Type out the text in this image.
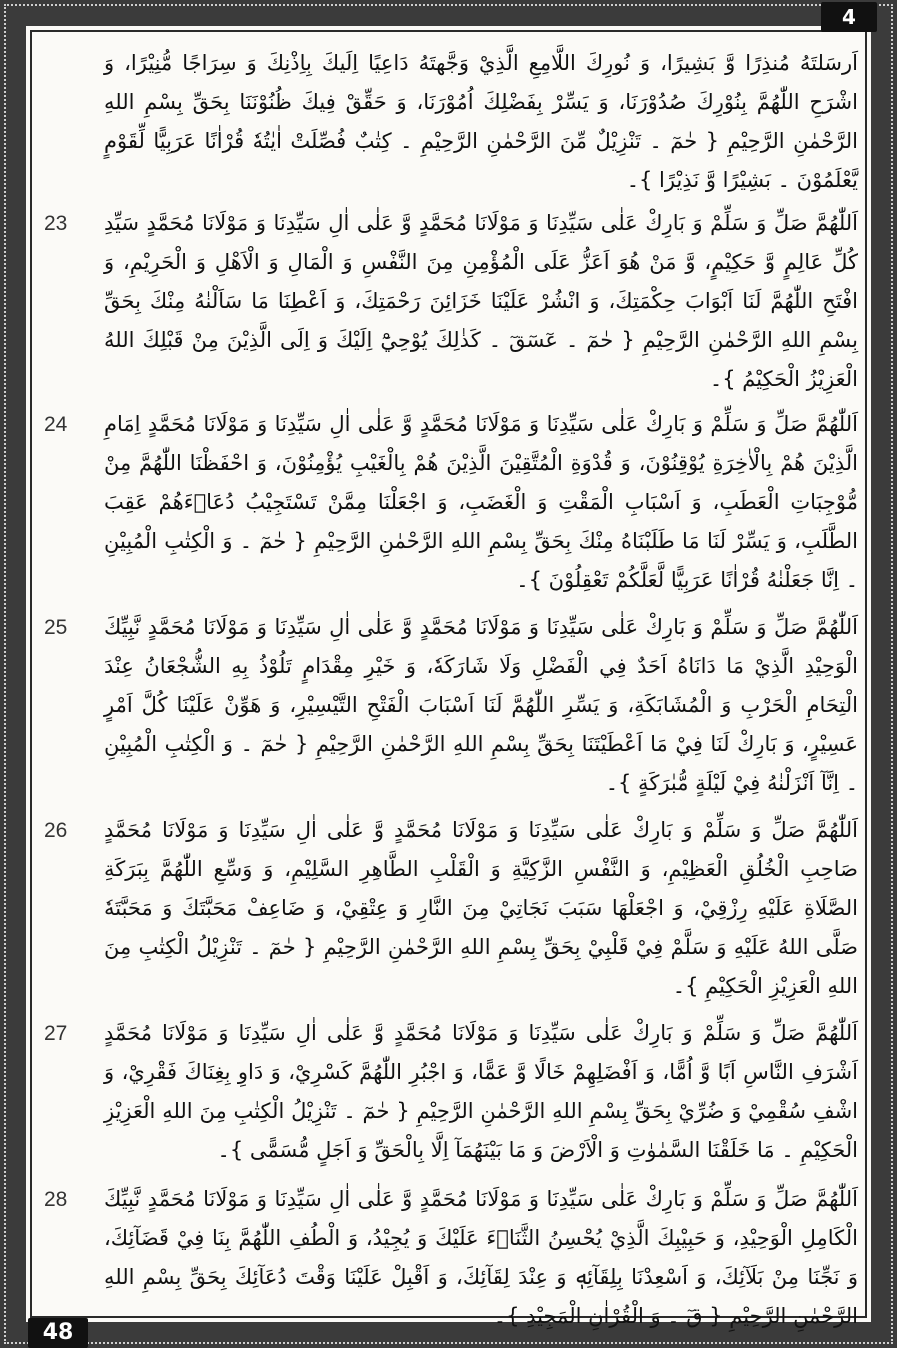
4
اَرسَلتَهُ مُنذِرًا وَّ بَشِيرًا، وَ نُورِكَ اللَّامِعِ الَّذِيْ وَجَّهتَهُ دَاعِيًا اِلَيكَ بِاِذْنِكَ وَ سِرَاجًا مُّنِيْرًا، وَ اشْرَحِ اللّٰهُمَّ بِنُوْرِكَ صُدُوْرَنَا، وَ يَسِّرْ بِفَضْلِكَ اُمُوْرَنَا، وَ حَقِّقْ فِيكَ ظُنُوْنَنَا بِحَقِّ بِسْمِ اللهِ الرَّحْمٰنِ الرَّحِيْمِ { حٰمٓ ۔ تَنْزِيْلٌ مِّنَ الرَّحْمٰنِ الرَّحِيْمِ ۔ كِتٰبٌ فُصِّلَتْ اٰيٰتُهٗ قُرْاٰنًا عَرَبِيًّا لِّقَوْمٍ يَّعْلَمُوْنَ ۔ بَشِيْرًا وَّ نَذِيْرًا }۔
23	اَللّٰهُمَّ صَلِّ وَ سَلِّمْ وَ بَارِكْ عَلٰى سَيِّدِنَا وَ مَوْلَانَا مُحَمَّدٍ وَّ عَلٰى اٰلِ سَيِّدِنَا وَ مَوْلَانَا مُحَمَّدٍ سَيِّدِ كُلِّ عَالِمٍ وَّ حَكِيْمٍ، وَّ مَنْ هُوَ اَعَزُّ عَلَى الْمُؤْمِنِ مِنَ النَّفْسِ وَ الْمَالِ وَ الْاَهْلِ وَ الْحَرِيْمِ، وَ افْتَحِ اللّٰهُمَّ لَنَا اَبْوَابَ حِكْمَتِكَ، وَ انْشُرْ عَلَيْنَا خَزَائِنَ رَحْمَتِكَ، وَ اَعْطِنَا مَا سَاَلْنٰهُ مِنْكَ بِحَقِّ بِسْمِ اللهِ الرَّحْمٰنِ الرَّحِيْمِ { حٰمٓ ۔ عٓسٓقٓ ۔ كَذٰلِكَ يُوْحِيْٓ اِلَيْكَ وَ اِلَى الَّذِيْنَ مِنْ قَبْلِكَ اللهُ الْعَزِيْزُ الْحَكِيْمُ }۔
24	اَللّٰهُمَّ صَلِّ وَ سَلِّمْ وَ بَارِكْ عَلٰى سَيِّدِنَا وَ مَوْلَانَا مُحَمَّدٍ وَّ عَلٰى اٰلِ سَيِّدِنَا وَ مَوْلَانَا مُحَمَّدٍ اِمَامِ الَّذِيْنَ هُمْ بِالْاٰخِرَةِ يُوْقِنُوْنَ، وَ قُدْوَةِ الْمُتَّقِيْنَ الَّذِيْنَ هُمْ بِالْغَيْبِ يُؤْمِنُوْنَ، وَ احْفَظْنَا اللّٰهُمَّ مِنْ مُّوْجِبَاتِ الْعَطَبِ، وَ اَسْبَابِ الْمَقْتِ وَ الْغَضَبِ، وَ اجْعَلْنَا مِمَّنْ تَسْتَجِيْبُ دُعَاۤءَهُمْ عَقِبَ الطَّلَبِ، وَ يَسِّرْ لَنَا مَا طَلَبْنَاهُ مِنْكَ بِحَقِّ بِسْمِ اللهِ الرَّحْمٰنِ الرَّحِيْمِ { حٰمٓ ۔ وَ الْكِتٰبِ الْمُبِيْنِ ۔ اِنَّا جَعَلْنٰهُ قُرْاٰنًا عَرَبِيًّا لَّعَلَّكُمْ تَعْقِلُوْنَ }۔
25	اَللّٰهُمَّ صَلِّ وَ سَلِّمْ وَ بَارِكْ عَلٰى سَيِّدِنَا وَ مَوْلَانَا مُحَمَّدٍ وَّ عَلٰى اٰلِ سَيِّدِنَا وَ مَوْلَانَا مُحَمَّدٍ نَّبِيِّكَ الْوَحِيْدِ الَّذِيْ مَا دَانَاهُ اَحَدٌ فِي الْفَضْلِ وَلَا شَارَكَهٗ، وَ خَيْرِ مِقْدَامٍ تَلُوْذُ بِهِ الشُّجْعَانُ عِنْدَ الْتِحَامِ الْحَرْبِ وَ الْمُشَابَكَةِ، وَ يَسِّرِ اللّٰهُمَّ لَنَا اَسْبَابَ الْفَتْحِ التَّيْسِيْرِ، وَ هَوِّنْ عَلَيْنَا كُلَّ اَمْرٍ عَسِيْرٍ، وَ بَارِكْ لَنَا فِيْ مَا اَعْطَيْتَنَا بِحَقِّ بِسْمِ اللهِ الرَّحْمٰنِ الرَّحِيْمِ { حٰمٓ ۔ وَ الْكِتٰبِ الْمُبِيْنِ ۔ اِنَّآ اَنْزَلْنٰهُ فِيْ لَيْلَةٍ مُّبٰرَكَةٍ }۔
26	اَللّٰهُمَّ صَلِّ وَ سَلِّمْ وَ بَارِكْ عَلٰى سَيِّدِنَا وَ مَوْلَانَا مُحَمَّدٍ وَّ عَلٰى اٰلِ سَيِّدِنَا وَ مَوْلَانَا مُحَمَّدٍ صَاحِبِ الْخُلُقِ الْعَظِيْمِ، وَ النَّفْسِ الزَّكِيَّةِ وَ الْقَلْبِ الطَّاهِرِ السَّلِيْمِ، وَ وَسِّعِ اللّٰهُمَّ بِبَرَكَةِ الصَّلَاةِ عَلَيْهِ رِزْقِيْ، وَ اجْعَلْهَا سَبَبَ نَجَاتِيْ مِنَ النَّارِ وَ عِتْقِيْ، وَ ضَاعِفْ مَحَبَّتَكَ وَ مَحَبَّتَهٗ صَلَّى اللهُ عَلَيْهِ وَ سَلَّمْ فِيْ قَلْبِيْ بِحَقِّ بِسْمِ اللهِ الرَّحْمٰنِ الرَّحِيْمِ { حٰمٓ ۔ تَنْزِيْلُ الْكِتٰبِ مِنَ اللهِ الْعَزِيْزِ الْحَكِيْمِ }۔
27	اَللّٰهُمَّ صَلِّ وَ سَلِّمْ وَ بَارِكْ عَلٰى سَيِّدِنَا وَ مَوْلَانَا مُحَمَّدٍ وَّ عَلٰى اٰلِ سَيِّدِنَا وَ مَوْلَانَا مُحَمَّدٍ اَشْرَفِ النَّاسِ اَبًا وَّ اُمًّا، وَ اَفْضَلِهِمْ خَالًا وَّ عَمًّا، وَ اجْبُرِ اللّٰهُمَّ كَسْرِيْ، وَ دَاوِ بِغِنَاكَ فَقْرِيْ، وَ اشْفِ سُقْمِيْ وَ ضُرِّيْ بِحَقِّ بِسْمِ اللهِ الرَّحْمٰنِ الرَّحِيْمِ { حٰمٓ ۔ تَنْزِيْلُ الْكِتٰبِ مِنَ اللهِ الْعَزِيْزِ الْحَكِيْمِ ۔ مَا خَلَقْنَا السَّمٰوٰتِ وَ الْاَرْضَ وَ مَا بَيْنَهُمَآ اِلَّا بِالْحَقِّ وَ اَجَلٍ مُّسَمًّى }۔
28	اَللّٰهُمَّ صَلِّ وَ سَلِّمْ وَ بَارِكْ عَلٰى سَيِّدِنَا وَ مَوْلَانَا مُحَمَّدٍ وَّ عَلٰى اٰلِ سَيِّدِنَا وَ مَوْلَانَا مُحَمَّدٍ نَّبِيِّكَ الْكَامِلِ الْوَحِيْدِ، وَ حَبِيْبِكَ الَّذِيْ يُحْسِنُ الثَّنَاۤءَ عَلَيْكَ وَ يُجِيْدُ، وَ الْطُفِ اللّٰهُمَّ بِنَا فِيْ قَضَآئِكَ، وَ نَجِّنَا مِنْ بَلَآئِكَ، وَ اَسْعِدْنَا بِلِقَآئِهٖ وَ عِنْدَ لِقَآئِكَ، وَ اَقْبِلْ عَلَيْنَا وَقْتَ دُعَآئِكَ بِحَقِّ بِسْمِ اللهِ الرَّحْمٰنِ الرَّحِيْمِ { قٓ ۔ وَ الْقُرْاٰنِ الْمَجِيْدِ }۔
48
